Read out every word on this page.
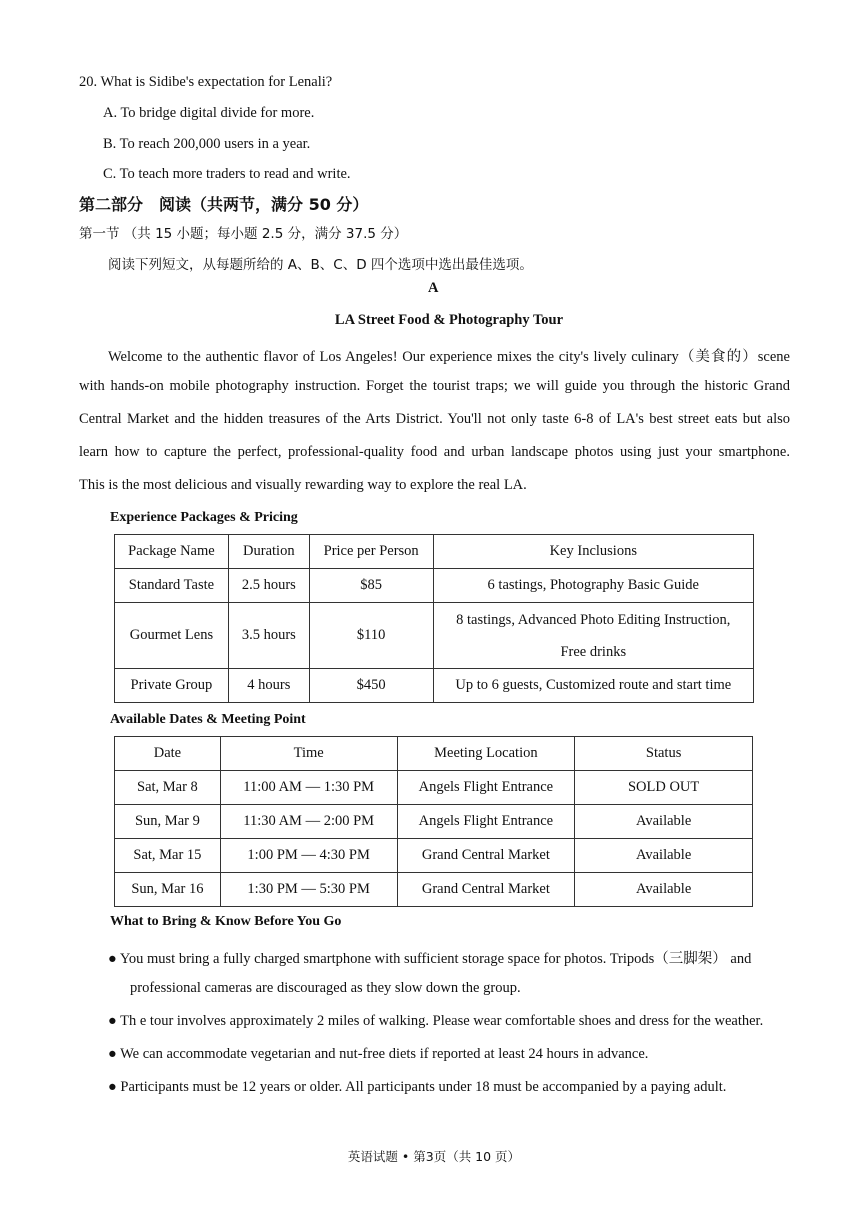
20. What is Sidibe's expectation for Lenali?
A. To bridge digital divide for more.
B. To reach 200,000 users in a year.
C. To teach more traders to read and write.
第二部分　阅读（共两节，满分 50 分）
第一节 （共 15 小题；每小题 2.5 分，满分 37.5 分）
阅读下列短文，从每题所给的 A、B、C、D 四个选项中选出最佳选项。
A
LA Street Food & Photography Tour
Welcome to the authentic flavor of Los Angeles! Our experience mixes the city's lively culinary（美食的）scene
with hands-on mobile photography instruction. Forget the tourist traps; we will guide you through the historic Grand
Central Market and the hidden treasures of the Arts District. You'll not only taste 6-8 of LA's best street eats but also
learn how to capture the perfect, professional-quality food and urban landscape photos using just your smartphone.
This is the most delicious and visually rewarding way to explore the real LA.
Experience Packages & Pricing
Package Name	Duration	Price per Person	Key Inclusions
Standard Taste	2.5 hours	$85	6 tastings, Photography Basic Guide
Gourmet Lens	3.5 hours	$110	8 tastings, Advanced Photo Editing Instruction,
Free drinks

Private Group	4 hours	$450	Up to 6 guests, Customized route and start time
Available Dates & Meeting Point
Date	Time	Meeting Location	Status
Sat, Mar 8	11:00 AM — 1:30 PM	Angels Flight Entrance	SOLD OUT
Sun, Mar 9	11:30 AM — 2:00 PM	Angels Flight Entrance	Available
Sat, Mar 15	1:00 PM — 4:30 PM	Grand Central Market	Available
Sun, Mar 16	1:30 PM — 5:30 PM	Grand Central Market	Available
What to Bring & Know Before You Go
● You must bring a fully charged smartphone with sufficient storage space for photos. Tripods（三脚架） and
professional cameras are discouraged as they slow down the group.
● Th e tour involves approximately 2 miles of walking. Please wear comfortable shoes and dress for the weather.
● We can accommodate vegetarian and nut-free diets if reported at least 24 hours in advance.
● Participants must be 12 years or older. All participants under 18 must be accompanied by a paying adult.
英语试题 • 第3页（共 10 页）
